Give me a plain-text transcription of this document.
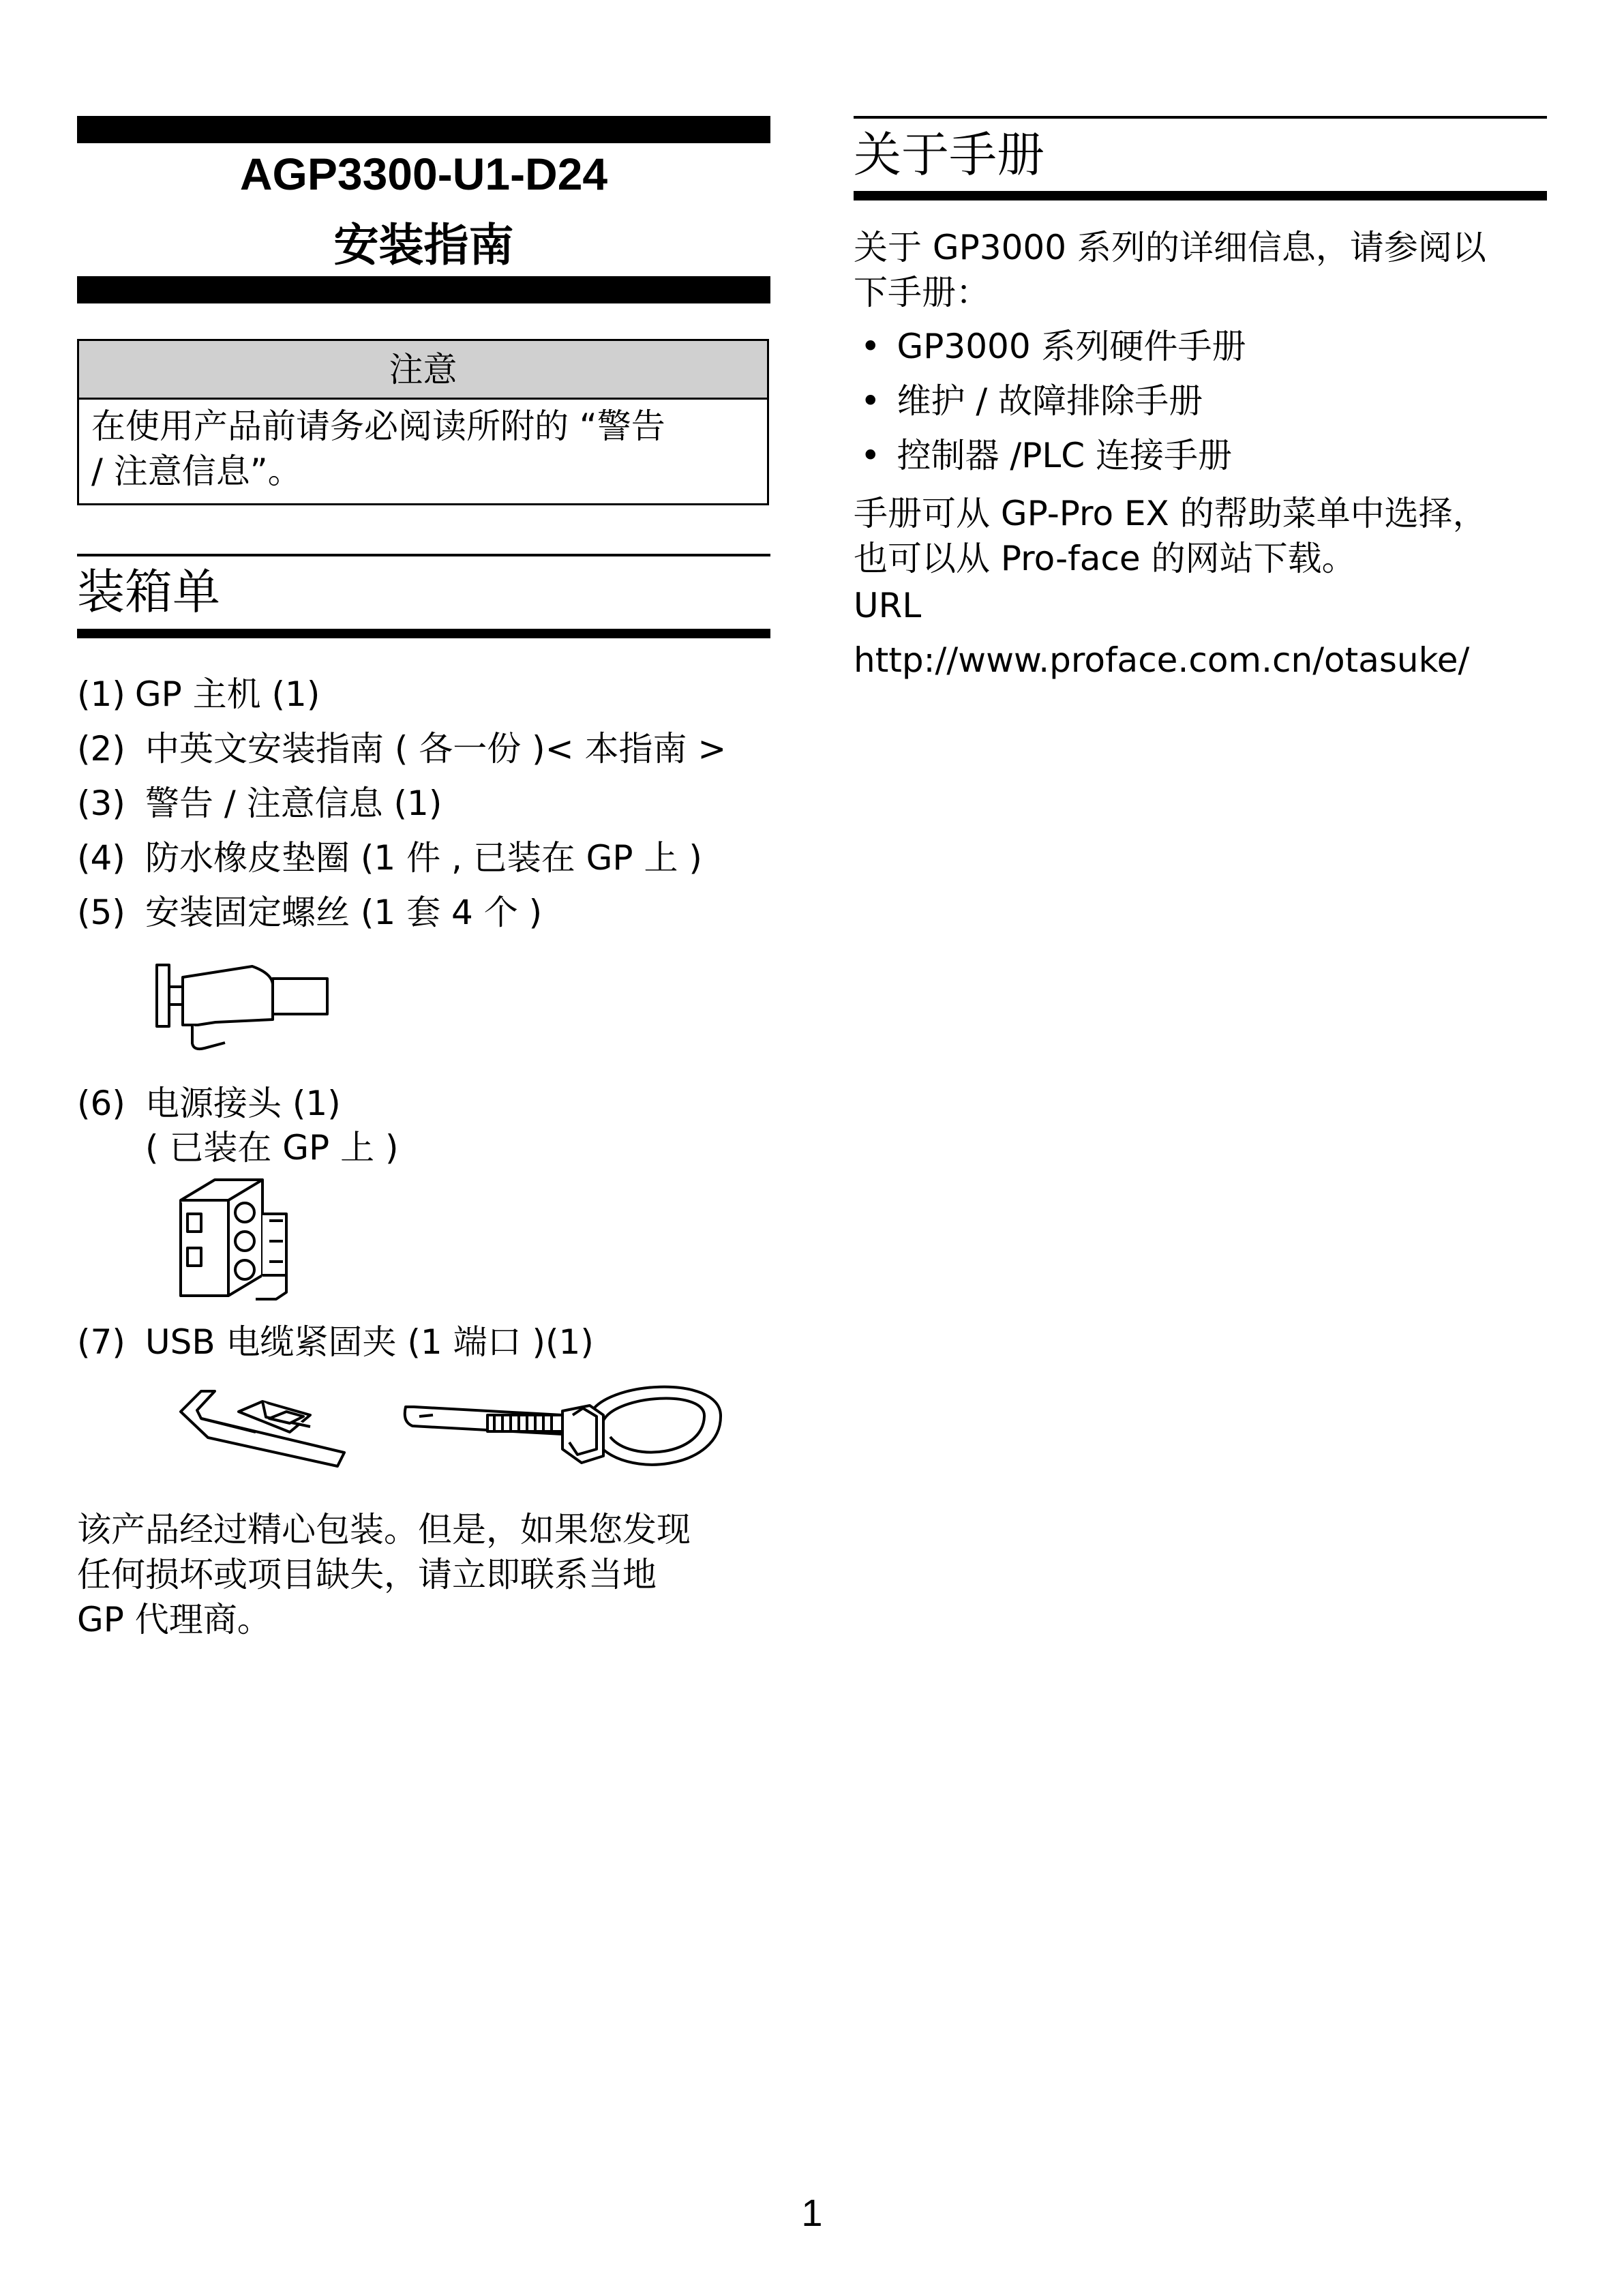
AGP3300-U1-D24
安装指南
注意
在使用产品前请务必阅读所附的 “警告
/ 注意信息”。
装箱单
(1) GP 主机 (1)
(2) 中英文安装指南 ( 各一份 )< 本指南 >
(3) 警告 / 注意信息 (1)
(4) 防水橡皮垫圈 (1 件 , 已装在 GP 上 )
(5) 安装固定螺丝 (1 套 4 个 )
(6) 电源接头 (1)
( 已装在 GP 上 )
(7) USB 电缆紧固夹 (1 端口 )(1)
该产品经过精心包装。但是，如果您发现
任何损坏或项目缺失，请立即联系当地
GP 代理商。
关于手册
关于 GP3000 系列的详细信息，请参阅以
下手册：
• GP3000 系列硬件手册
• 维护 / 故障排除手册
• 控制器 /PLC 连接手册
手册可从 GP-Pro EX 的帮助菜单中选择，
也可以从 Pro-face 的网站下载。
URL
http://www.proface.com.cn/otasuke/
1
